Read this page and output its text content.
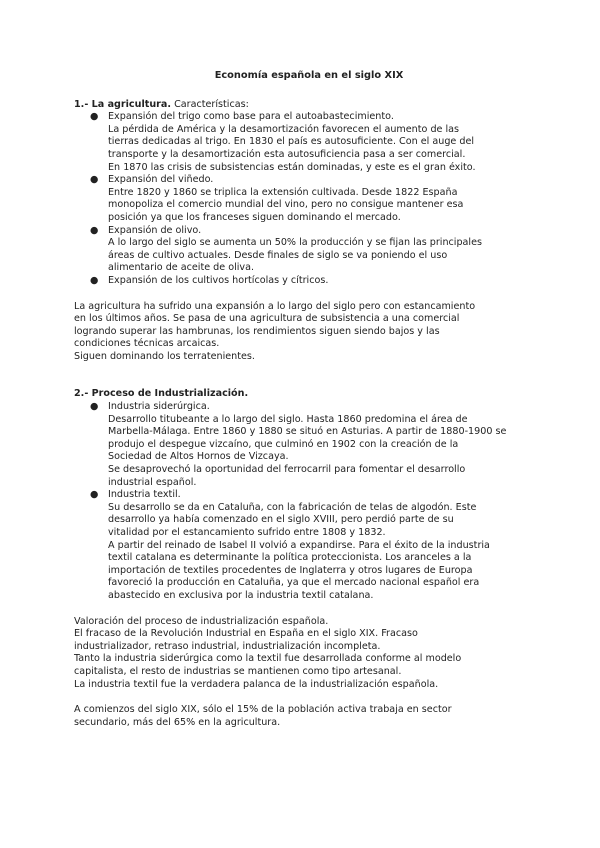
Economía española en el siglo XIX

1.- La agricultura. Características:

● Expansión del trigo como base para el autoabastecimiento.
La pérdida de América y la desamortización favorecen el aumento de las
tierras dedicadas al trigo. En 1830 el país es autosuficiente. Con el auge del
transporte y la desamortización esta autosuficiencia pasa a ser comercial.
En 1870 las crisis de subsistencias están dominadas, y este es el gran éxito.
● Expansión del viñedo.
Entre 1820 y 1860 se triplica la extensión cultivada. Desde 1822 España
monopoliza el comercio mundial del vino, pero no consigue mantener esa
posición ya que los franceses siguen dominando el mercado.
● Expansión de olivo.
A lo largo del siglo se aumenta un 50% la producción y se fijan las principales
áreas de cultivo actuales. Desde finales de siglo se va poniendo el uso
alimentario de aceite de oliva.
● Expansión de los cultivos hortícolas y cítricos.

La agricultura ha sufrido una expansión a lo largo del siglo pero con estancamiento

en los últimos años. Se pasa de una agricultura de subsistencia a una comercial

logrando superar las hambrunas, los rendimientos siguen siendo bajos y las

condiciones técnicas arcaicas.

Siguen dominando los terratenientes.

2.- Proceso de Industrialización.

● Industria siderúrgica.
Desarrollo titubeante a lo largo del siglo. Hasta 1860 predomina el área de
Marbella-Málaga. Entre 1860 y 1880 se situó en Asturias. A partir de 1880-1900 se
produjo el despegue vizcaíno, que culminó en 1902 con la creación de la
Sociedad de Altos Hornos de Vizcaya.
Se desaprovechó la oportunidad del ferrocarril para fomentar el desarrollo
industrial español.
● Industria textil.
Su desarrollo se da en Cataluña, con la fabricación de telas de algodón. Este
desarrollo ya había comenzado en el siglo XVIII, pero perdió parte de su
vitalidad por el estancamiento sufrido entre 1808 y 1832.
A partir del reinado de Isabel II volvió a expandirse. Para el éxito de la industria
textil catalana es determinante la política proteccionista. Los aranceles a la
importación de textiles procedentes de Inglaterra y otros lugares de Europa
favoreció la producción en Cataluña, ya que el mercado nacional español era
abastecido en exclusiva por la industria textil catalana.

Valoración del proceso de industrialización española.

El fracaso de la Revolución Industrial en España en el siglo XIX. Fracaso

industrializador, retraso industrial, industrialización incompleta.

Tanto la industria siderúrgica como la textil fue desarrollada conforme al modelo

capitalista, el resto de industrias se mantienen como tipo artesanal.

La industria textil fue la verdadera palanca de la industrialización española.

A comienzos del siglo XIX, sólo el 15% de la población activa trabaja en sector

secundario, más del 65% en la agricultura.
